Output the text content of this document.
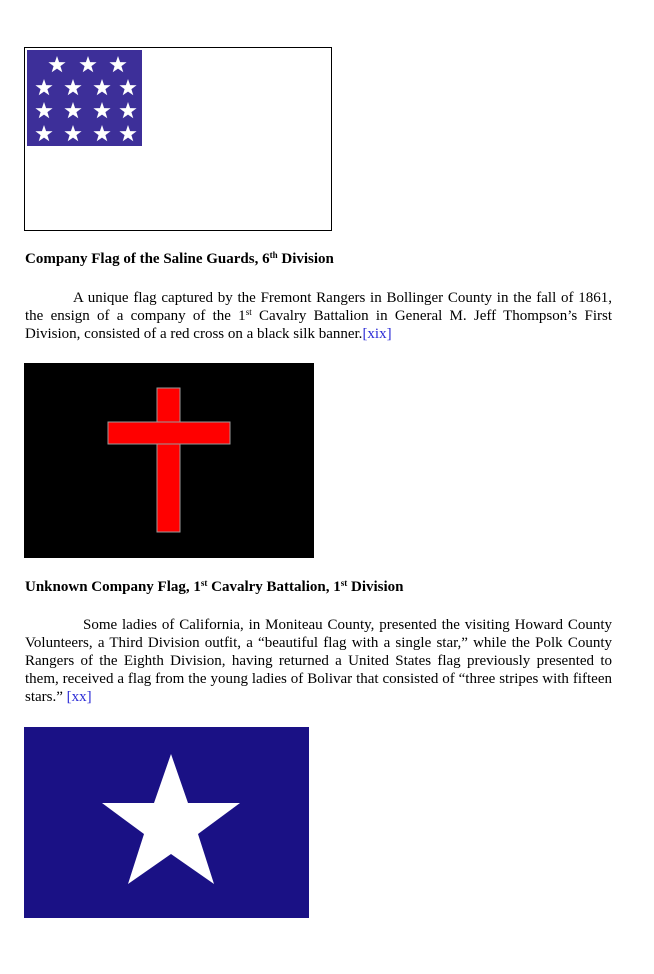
Company Flag of the Saline Guards, 6th Division
A unique flag captured by the Fremont Rangers in Bollinger County in the fall of 1861, the ensign of a company of the 1st Cavalry Battalion in General M. Jeff Thompson’s First Division, consisted of a red cross on a black silk banner.[xix]
Unknown Company Flag, 1st Cavalry Battalion, 1st Division
Some ladies of California, in Moniteau County, presented the visiting Howard County Volunteers, a Third Division outfit, a “beautiful flag with a single star,” while the Polk County Rangers of the Eighth Division, having returned a United States flag previously presented to them, received a flag from the young ladies of Bolivar that consisted of “three stripes with fifteen stars.” [xx]
